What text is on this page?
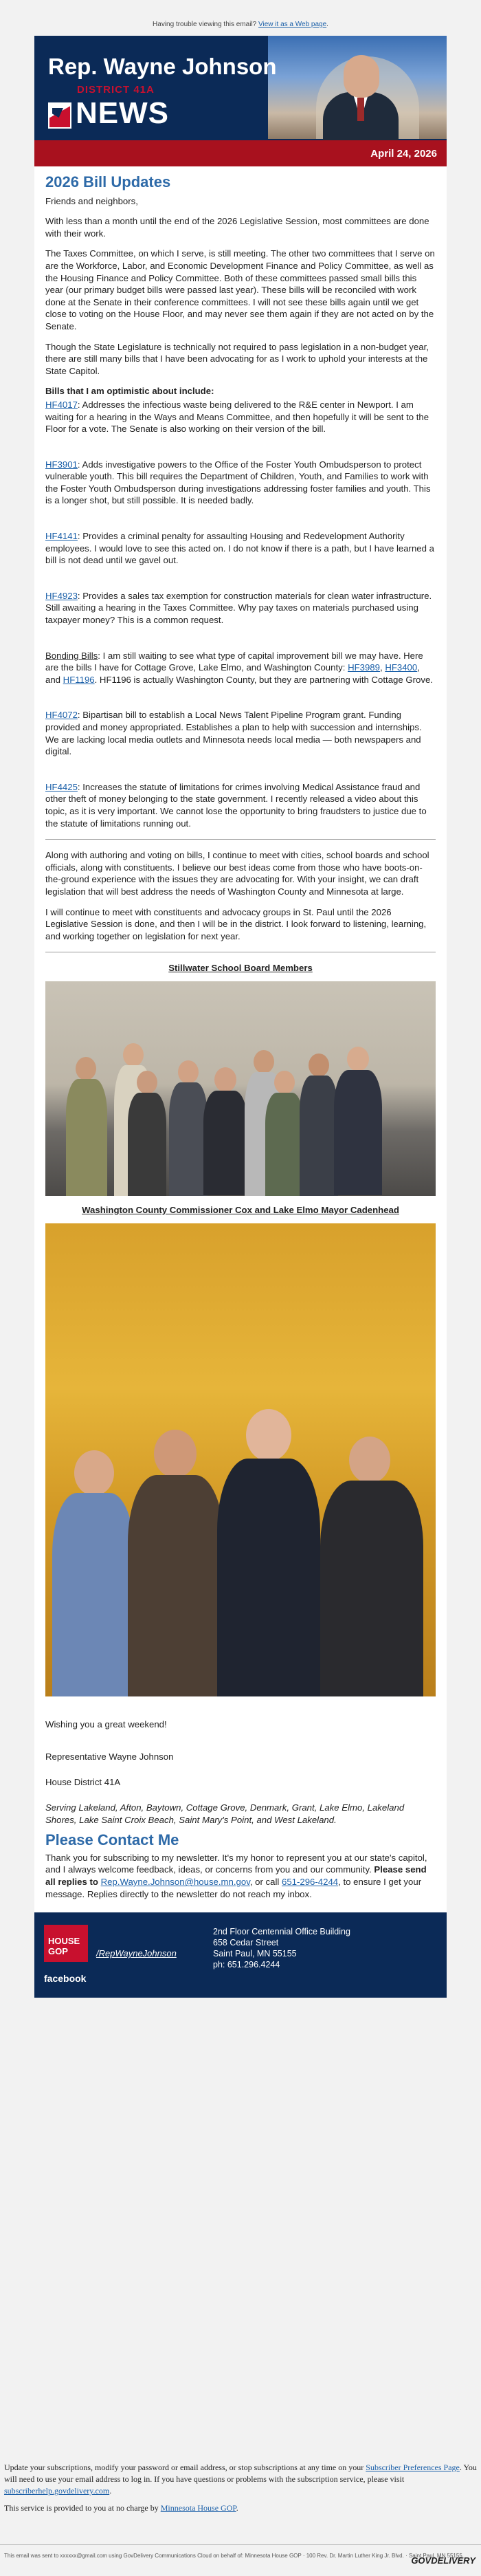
Having trouble viewing this email? View it as a Web page.
Rep. Wayne Johnson
DISTRICT 41A
NEWS
April 24, 2026
2026 Bill Updates

Friends and neighbors,

With less than a month until the end of the 2026 Legislative Session, most committees are done with their work.

The Taxes Committee, on which I serve, is still meeting. The other two committees that I serve on are the Workforce, Labor, and Economic Development Finance and Policy Committee, as well as the Housing Finance and Policy Committee. Both of these committees passed small bills this year (our primary budget bills were passed last year). These bills will be reconciled with work done at the Senate in their conference committees. I will not see these bills again until we get close to voting on the House Floor, and may never see them again if they are not acted on by the Senate.

Though the State Legislature is technically not required to pass legislation in a non-budget year, there are still many bills that I have been advocating for as I work to uphold your interests at the State Capitol.

Bills that I am optimistic about include:

HF4017: Addresses the infectious waste being delivered to the R&E center in Newport. I am waiting for a hearing in the Ways and Means Committee, and then hopefully it will be sent to the Floor for a vote. The Senate is also working on their version of the bill.

HF3901: Adds investigative powers to the Office of the Foster Youth Ombudsperson to protect vulnerable youth. This bill requires the Department of Children, Youth, and Families to work with the Foster Youth Ombudsperson during investigations addressing foster families and youth. This is a longer shot, but still possible. It is needed badly.

HF4141: Provides a criminal penalty for assaulting Housing and Redevelopment Authority employees. I would love to see this acted on. I do not know if there is a path, but I have learned a bill is not dead until we gavel out.

HF4923: Provides a sales tax exemption for construction materials for clean water infrastructure. Still awaiting a hearing in the Taxes Committee. Why pay taxes on materials purchased using taxpayer money? This is a common request.

Bonding Bills: I am still waiting to see what type of capital improvement bill we may have. Here are the bills I have for Cottage Grove, Lake Elmo, and Washington County: HF3989, HF3400, and HF1196. HF1196 is actually Washington County, but they are partnering with Cottage Grove.

HF4072: Bipartisan bill to establish a Local News Talent Pipeline Program grant. Funding provided and money appropriated. Establishes a plan to help with succession and internships. We are lacking local media outlets and Minnesota needs local media — both newspapers and digital.

HF4425: Increases the statute of limitations for crimes involving Medical Assistance fraud and other theft of money belonging to the state government. I recently released a video about this topic, as it is very important. We cannot lose the opportunity to bring fraudsters to justice due to the statute of limitations running out.

Along with authoring and voting on bills, I continue to meet with cities, school boards and school officials, along with constituents. I believe our best ideas come from those who have boots-on-the-ground experience with the issues they are advocating for. With your insight, we can draft legislation that will best address the needs of Washington County and Minnesota at large.

I will continue to meet with constituents and advocacy groups in St. Paul until the 2026 Legislative Session is done, and then I will be in the district. I look forward to listening, learning, and working together on legislation for next year.

Stillwater School Board Members
Washington County Commissioner Cox and Lake Elmo Mayor Cadenhead

Wishing you a great weekend!

Representative Wayne Johnson

House District 41A

Serving Lakeland, Afton, Baytown, Cottage Grove, Denmark, Grant, Lake Elmo, Lakeland Shores, Lake Saint Croix Beach, Saint Mary's Point, and West Lakeland.

Please Contact Me

Thank you for subscribing to my newsletter. It's my honor to represent you at our state's capitol, and I always welcome feedback, ideas, or concerns from you and our community. Please send all replies to Rep.Wayne.Johnson@house.mn.gov, or call 651-296-4244, to ensure I get your message. Replies directly to the newsletter do not reach my inbox.

HOUSE GOP
facebook
/RepWayneJohnson
2nd Floor Centennial Office Building
658 Cedar Street
Saint Paul, MN 55155
ph: 651.296.4244
Update your subscriptions, modify your password or email address, or stop subscriptions at any time on your Subscriber Preferences Page. You will need to use your email address to log in. If you have questions or problems with the subscription service, please visit subscriberhelp.govdelivery.com.
This service is provided to you at no charge by Minnesota House GOP.
This email was sent to xxxxxx@gmail.com using GovDelivery Communications Cloud on behalf of: Minnesota House GOP · 100 Rev. Dr. Martin Luther King Jr. Blvd. · Saint Paul, MN 55155
GOVDELIVERY
